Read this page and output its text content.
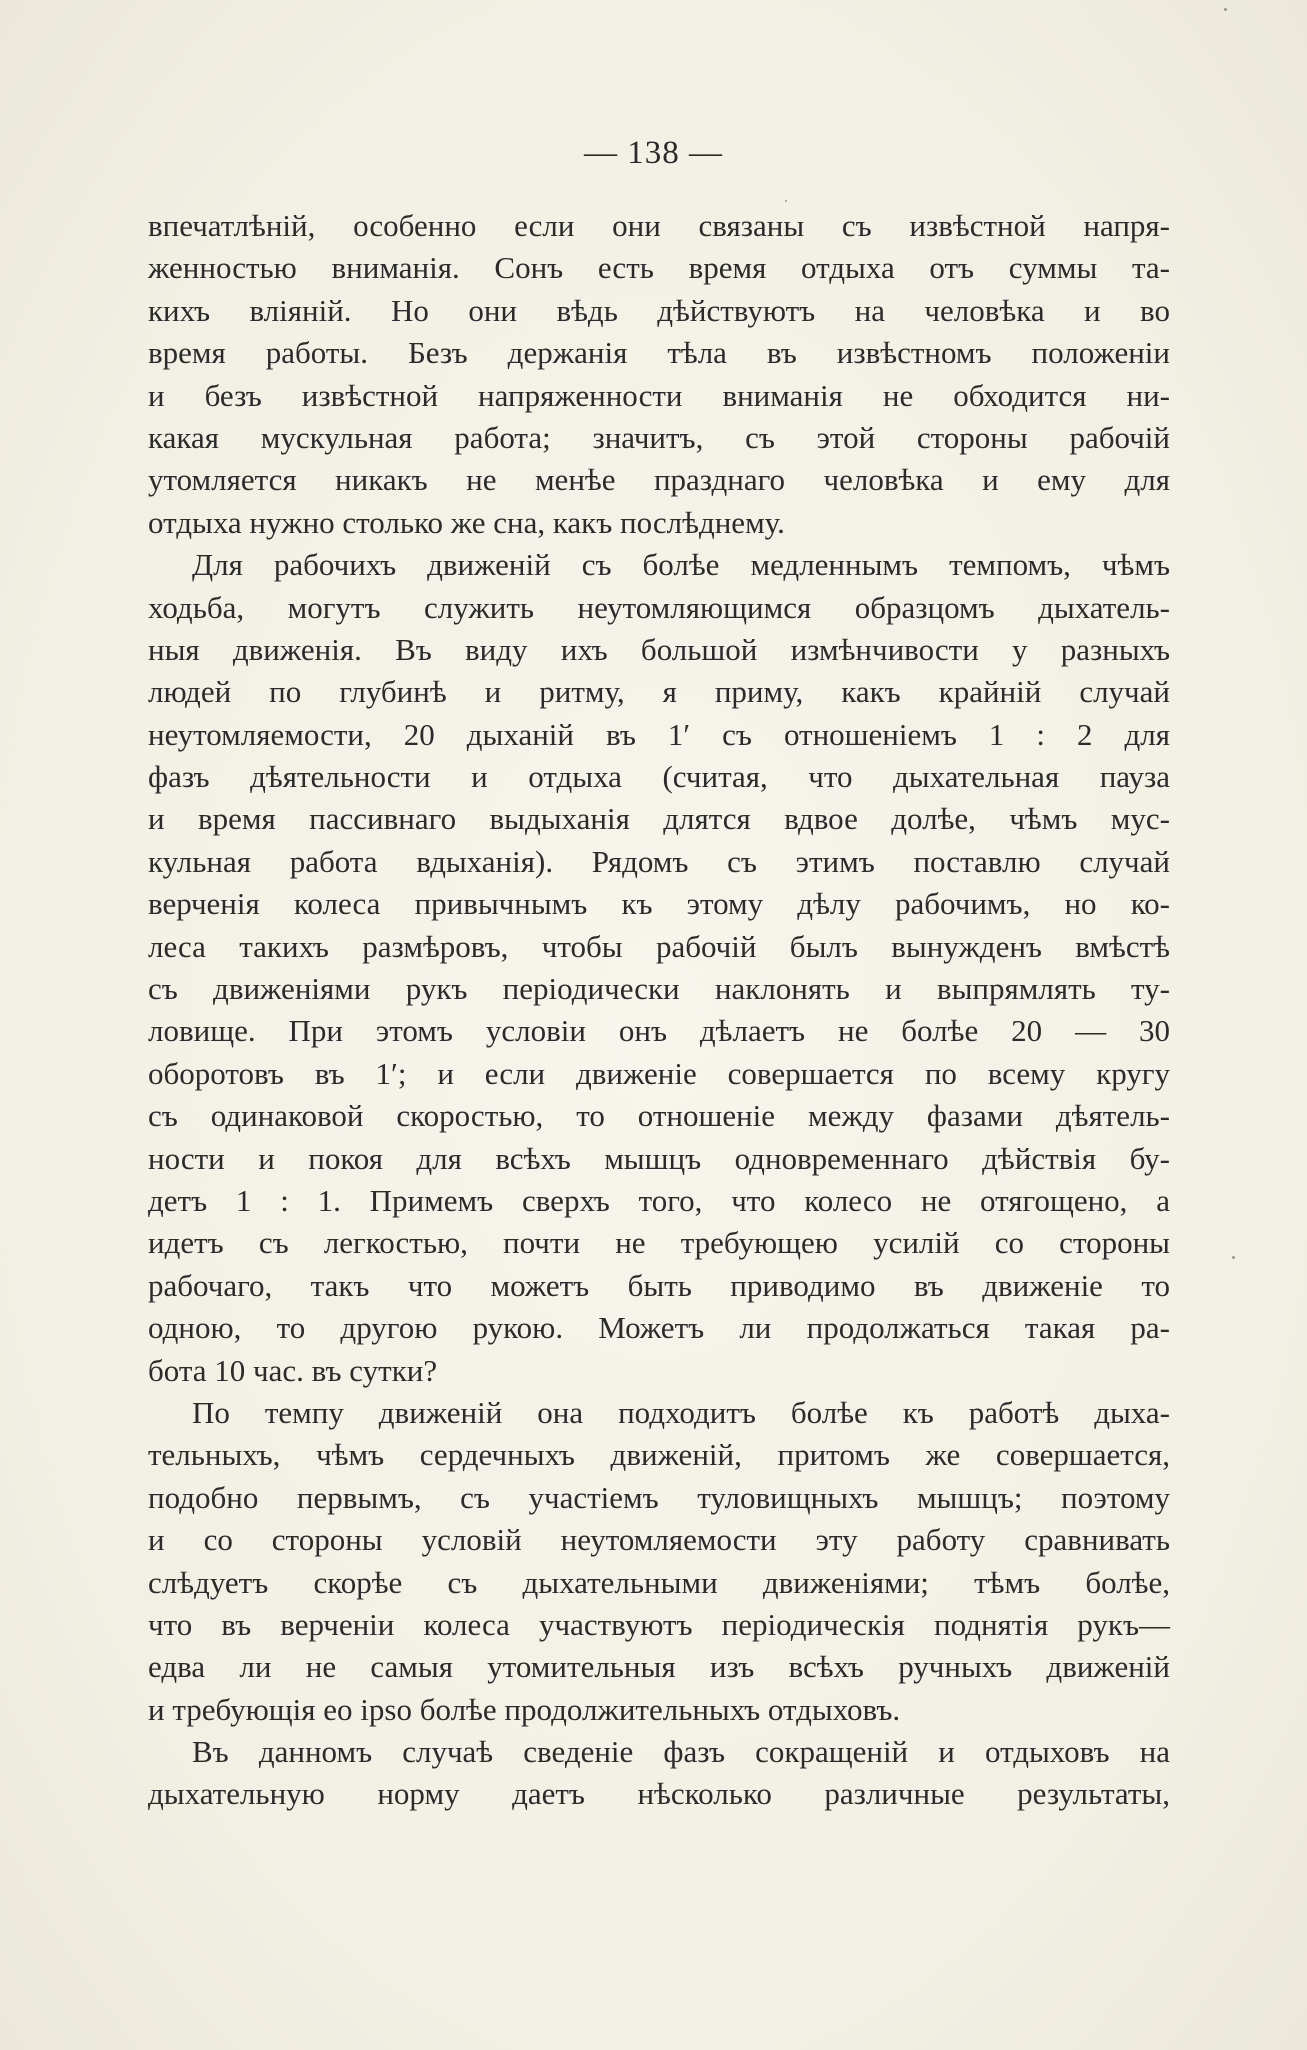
— 138 —
впечатлѣній, особенно если они связаны съ извѣстной напря-
женностью вниманія. Сонъ есть время отдыха отъ суммы та-
кихъ вліяній. Но они вѣдь дѣйствуютъ на человѣка и во
время работы. Безъ держанія тѣла въ извѣстномъ положеніи
и безъ извѣстной напряженности вниманія не обходится ни-
какая мускульная работа; значитъ, съ этой стороны рабочій
утомляется никакъ не менѣе празднаго человѣка и ему для
отдыха нужно столько же сна, какъ послѣднему.
Для рабочихъ движеній съ болѣе медленнымъ темпомъ, чѣмъ
ходьба, могутъ служить неутомляющимся образцомъ дыхатель-
ныя движенія. Въ виду ихъ большой измѣнчивости у разныхъ
людей по глубинѣ и ритму, я приму, какъ крайній случай
неутомляемости, 20 дыханій въ 1′ съ отношеніемъ 1 : 2 для
фазъ дѣятельности и отдыха (считая, что дыхательная пауза
и время пассивнаго выдыханія длятся вдвое долѣе, чѣмъ мус-
кульная работа вдыханія). Рядомъ съ этимъ поставлю случай
верченія колеса привычнымъ къ этому дѣлу рабочимъ, но ко-
леса такихъ размѣровъ, чтобы рабочій былъ вынужденъ вмѣстѣ
съ движеніями рукъ періодически наклонять и выпрямлять ту-
ловище. При этомъ условіи онъ дѣлаетъ не болѣе 20 — 30
оборотовъ въ 1′; и если движеніе совершается по всему кругу
съ одинаковой скоростью, то отношеніе между фазами дѣятель-
ности и покоя для всѣхъ мышцъ одновременнаго дѣйствія бу-
детъ 1 : 1. Примемъ сверхъ того, что колесо не отягощено, а
идетъ съ легкостью, почти не требующею усилій со стороны
рабочаго, такъ что можетъ быть приводимо въ движеніе то
одною, то другою рукою. Можетъ ли продолжаться такая ра-
бота 10 час. въ сутки?
По темпу движеній она подходитъ болѣе къ работѣ дыха-
тельныхъ, чѣмъ сердечныхъ движеній, притомъ же совершается,
подобно первымъ, съ участіемъ туловищныхъ мышцъ; поэтому
и со стороны условій неутомляемости эту работу сравнивать
слѣдуетъ скорѣе съ дыхательными движеніями; тѣмъ болѣе,
что въ верченіи колеса участвуютъ періодическія поднятія рукъ—
едва ли не самыя утомительныя изъ всѣхъ ручныхъ движеній
и требующія eo ipso болѣе продолжительныхъ отдыховъ.
Въ данномъ случаѣ сведеніе фазъ сокращеній и отдыховъ на
дыхательную норму даетъ нѣсколько различные результаты,
